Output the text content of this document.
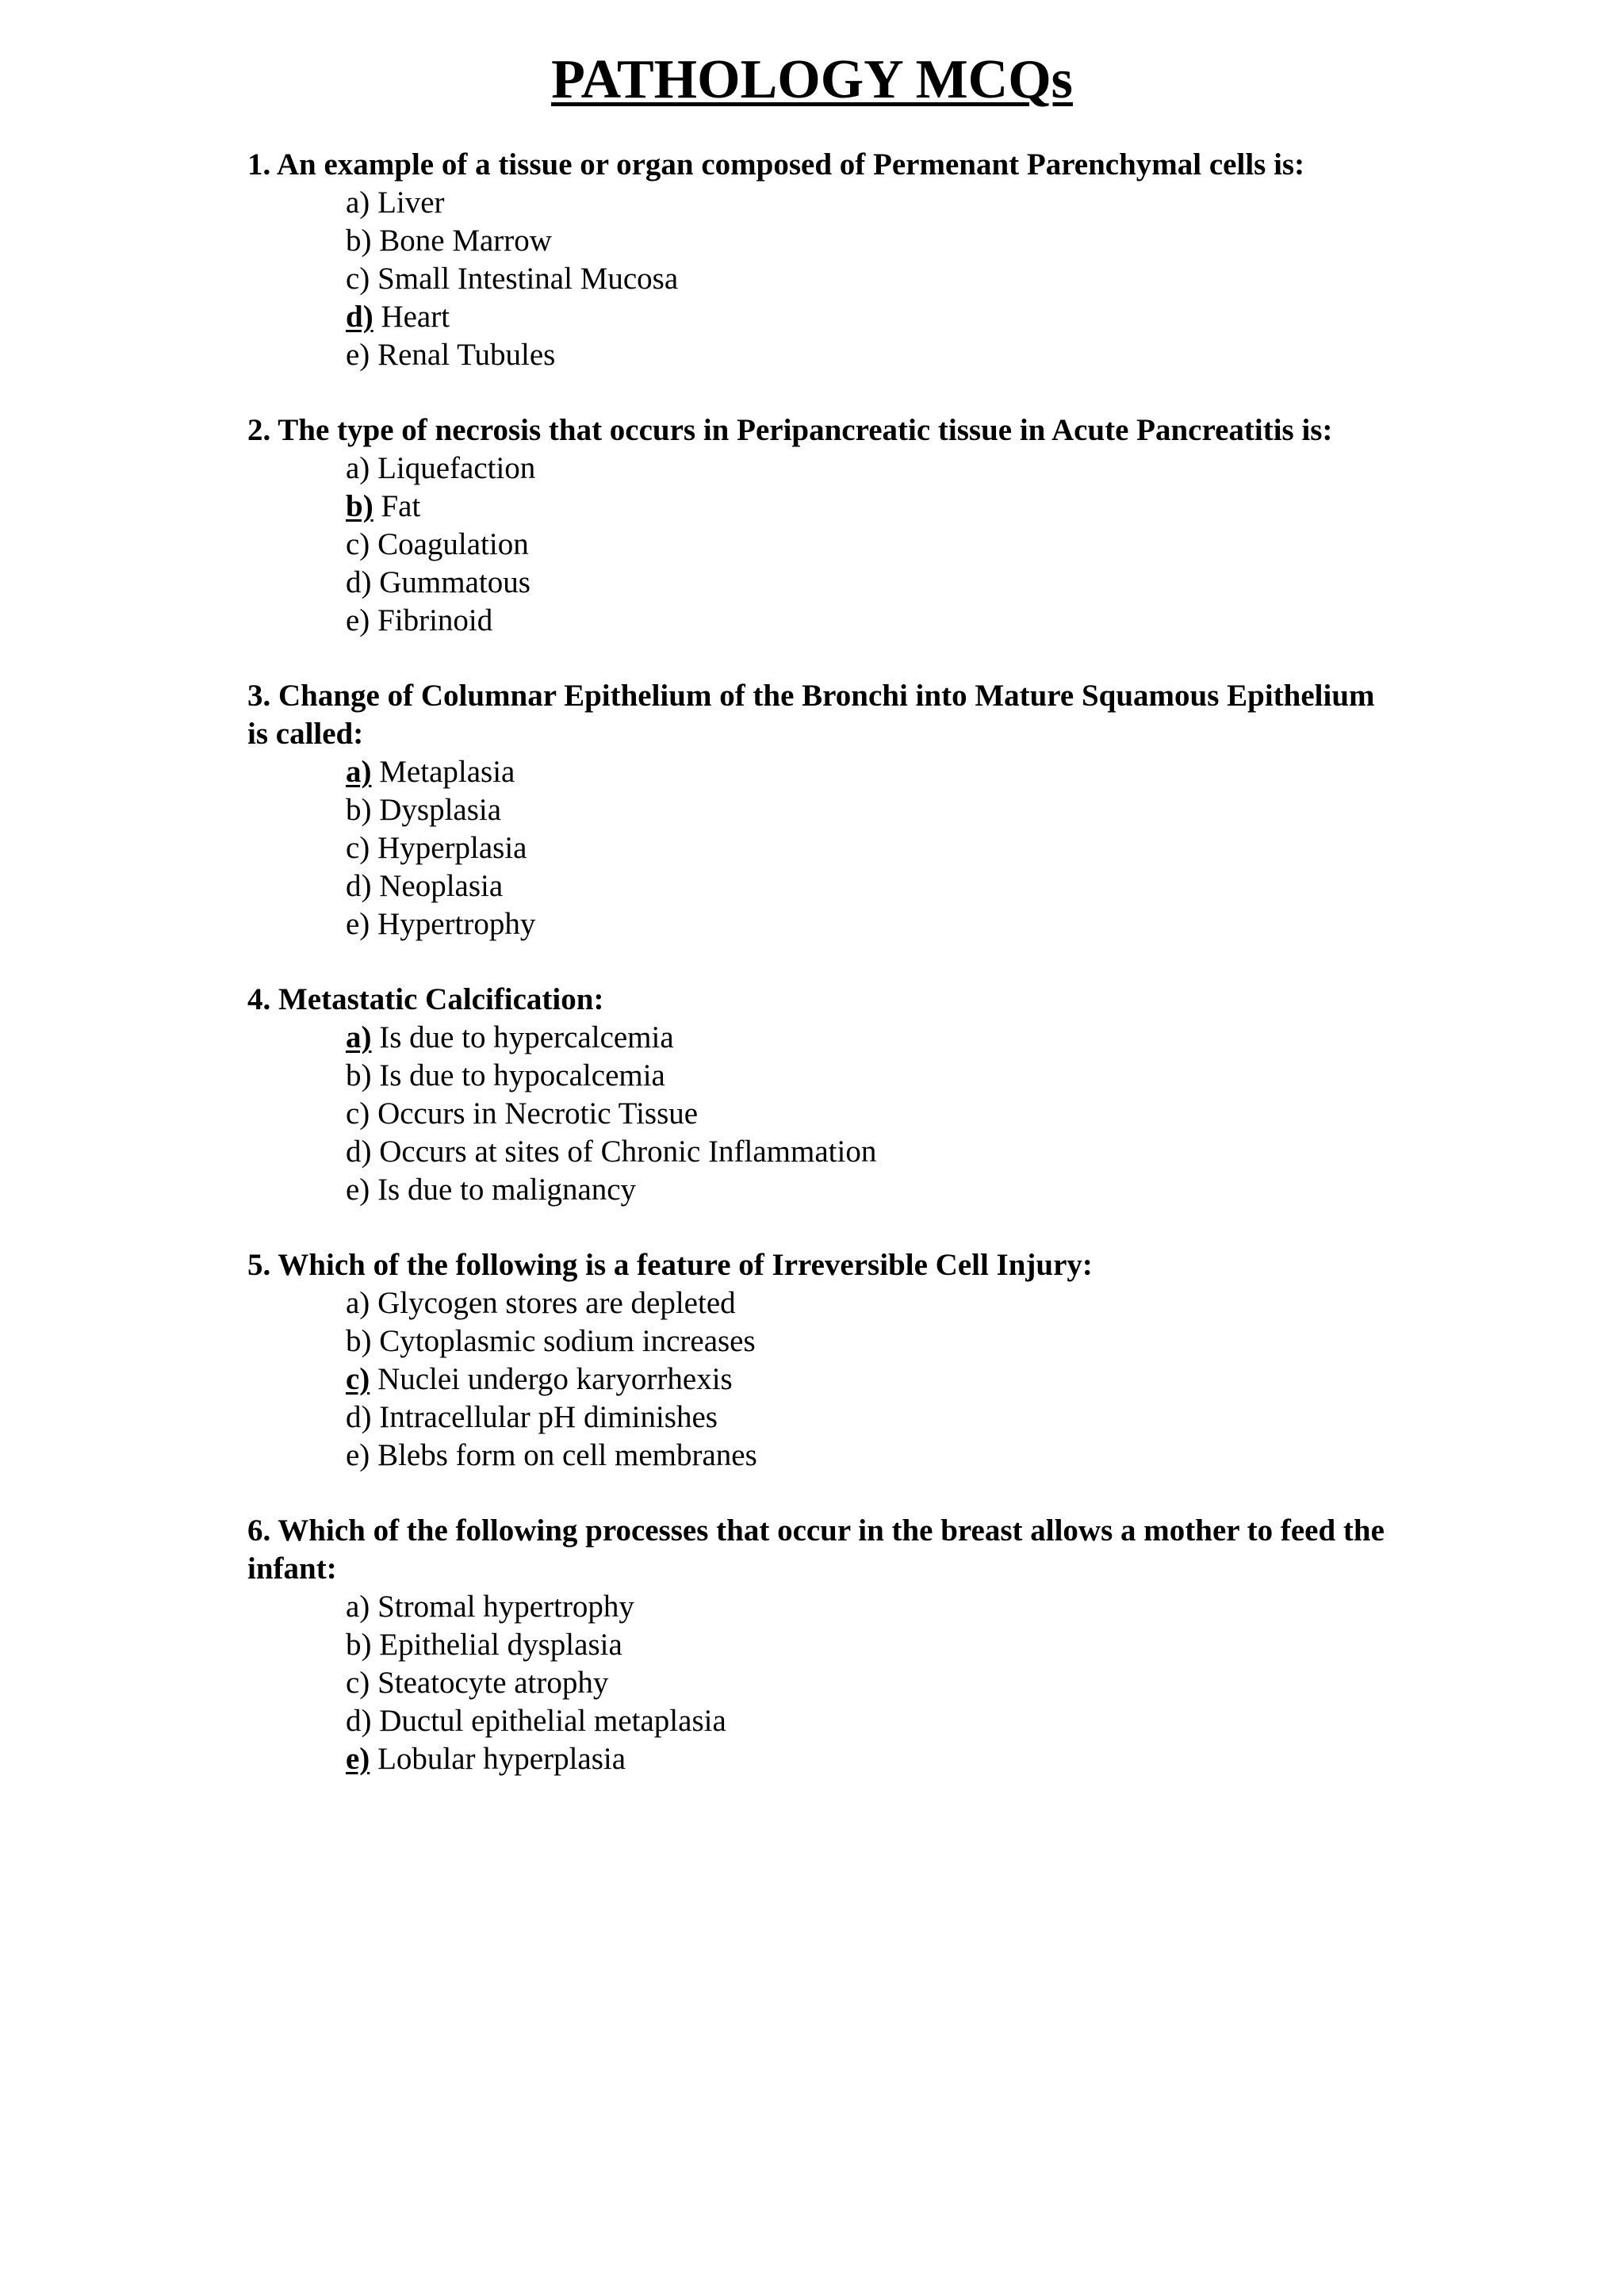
PATHOLOGY MCQs

1. An example of a tissue or organ composed of Permenant Parenchymal cells is:

a) Liver
b) Bone Marrow
c) Small Intestinal Mucosa
d) Heart
e) Renal Tubules

2. The type of necrosis that occurs in Peripancreatic tissue in Acute Pancreatitis is:

a) Liquefaction
b) Fat
c) Coagulation
d) Gummatous
e) Fibrinoid

3. Change of Columnar Epithelium of the Bronchi into Mature Squamous Epithelium is called:

a) Metaplasia
b) Dysplasia
c) Hyperplasia
d) Neoplasia
e) Hypertrophy

4. Metastatic Calcification:

a) Is due to hypercalcemia
b) Is due to hypocalcemia
c) Occurs in Necrotic Tissue
d) Occurs at sites of Chronic Inflammation
e) Is due to malignancy

5. Which of the following is a feature of Irreversible Cell Injury:

a) Glycogen stores are depleted
b) Cytoplasmic sodium increases
c) Nuclei undergo karyorrhexis
d) Intracellular pH diminishes
e) Blebs form on cell membranes

6. Which of the following processes that occur in the breast allows a mother to feed the infant:

a) Stromal hypertrophy
b) Epithelial dysplasia
c) Steatocyte atrophy
d) Ductul epithelial metaplasia
e) Lobular hyperplasia
